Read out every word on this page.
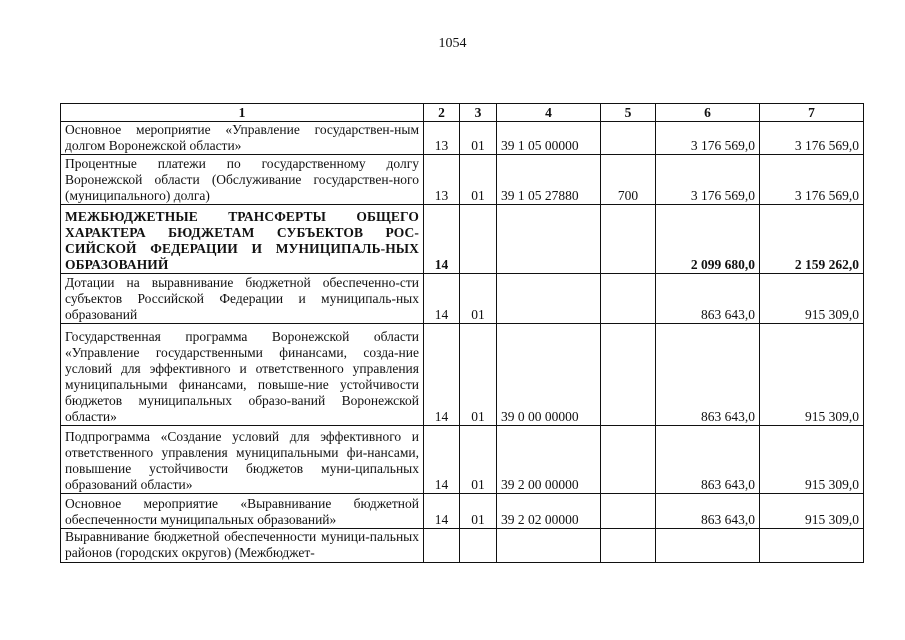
1054
1	2	3	4	5	6	7
Основное мероприятие «Управление государствен-ным долгом Воронежской области»	13	01	39 1 05 00000		3 176 569,0	3 176 569,0
Процентные платежи по государственному долгу Воронежской области (Обслуживание государствен-ного (муниципального) долга)	13	01	39 1 05 27880	700	3 176 569,0	3 176 569,0
МЕЖБЮДЖЕТНЫЕ ТРАНСФЕРТЫ ОБЩЕГО ХАРАКТЕРА БЮДЖЕТАМ СУБЪЕКТОВ РОС-СИЙСКОЙ ФЕДЕРАЦИИ И МУНИЦИПАЛЬ-НЫХ ОБРАЗОВАНИЙ	14				2 099 680,0	2 159 262,0
Дотации на выравнивание бюджетной обеспеченно-сти субъектов Российской Федерации и муниципаль-ных образований	14	01			863 643,0	915 309,0
Государственная программа Воронежской области «Управление государственными финансами, созда-ние условий для эффективного и ответственного управления муниципальными финансами, повыше-ние устойчивости бюджетов муниципальных образо-ваний Воронежской области»	14	01	39 0 00 00000		863 643,0	915 309,0
Подпрограмма «Создание условий для эффективного и ответственного управления муниципальными фи-нансами, повышение устойчивости бюджетов муни-ципальных образований области»	14	01	39 2 00 00000		863 643,0	915 309,0
Основное мероприятие «Выравнивание бюджетной обеспеченности муниципальных образований»	14	01	39 2 02 00000		863 643,0	915 309,0
Выравнивание бюджетной обеспеченности муници-пальных районов (городских округов) (Межбюджет-						
